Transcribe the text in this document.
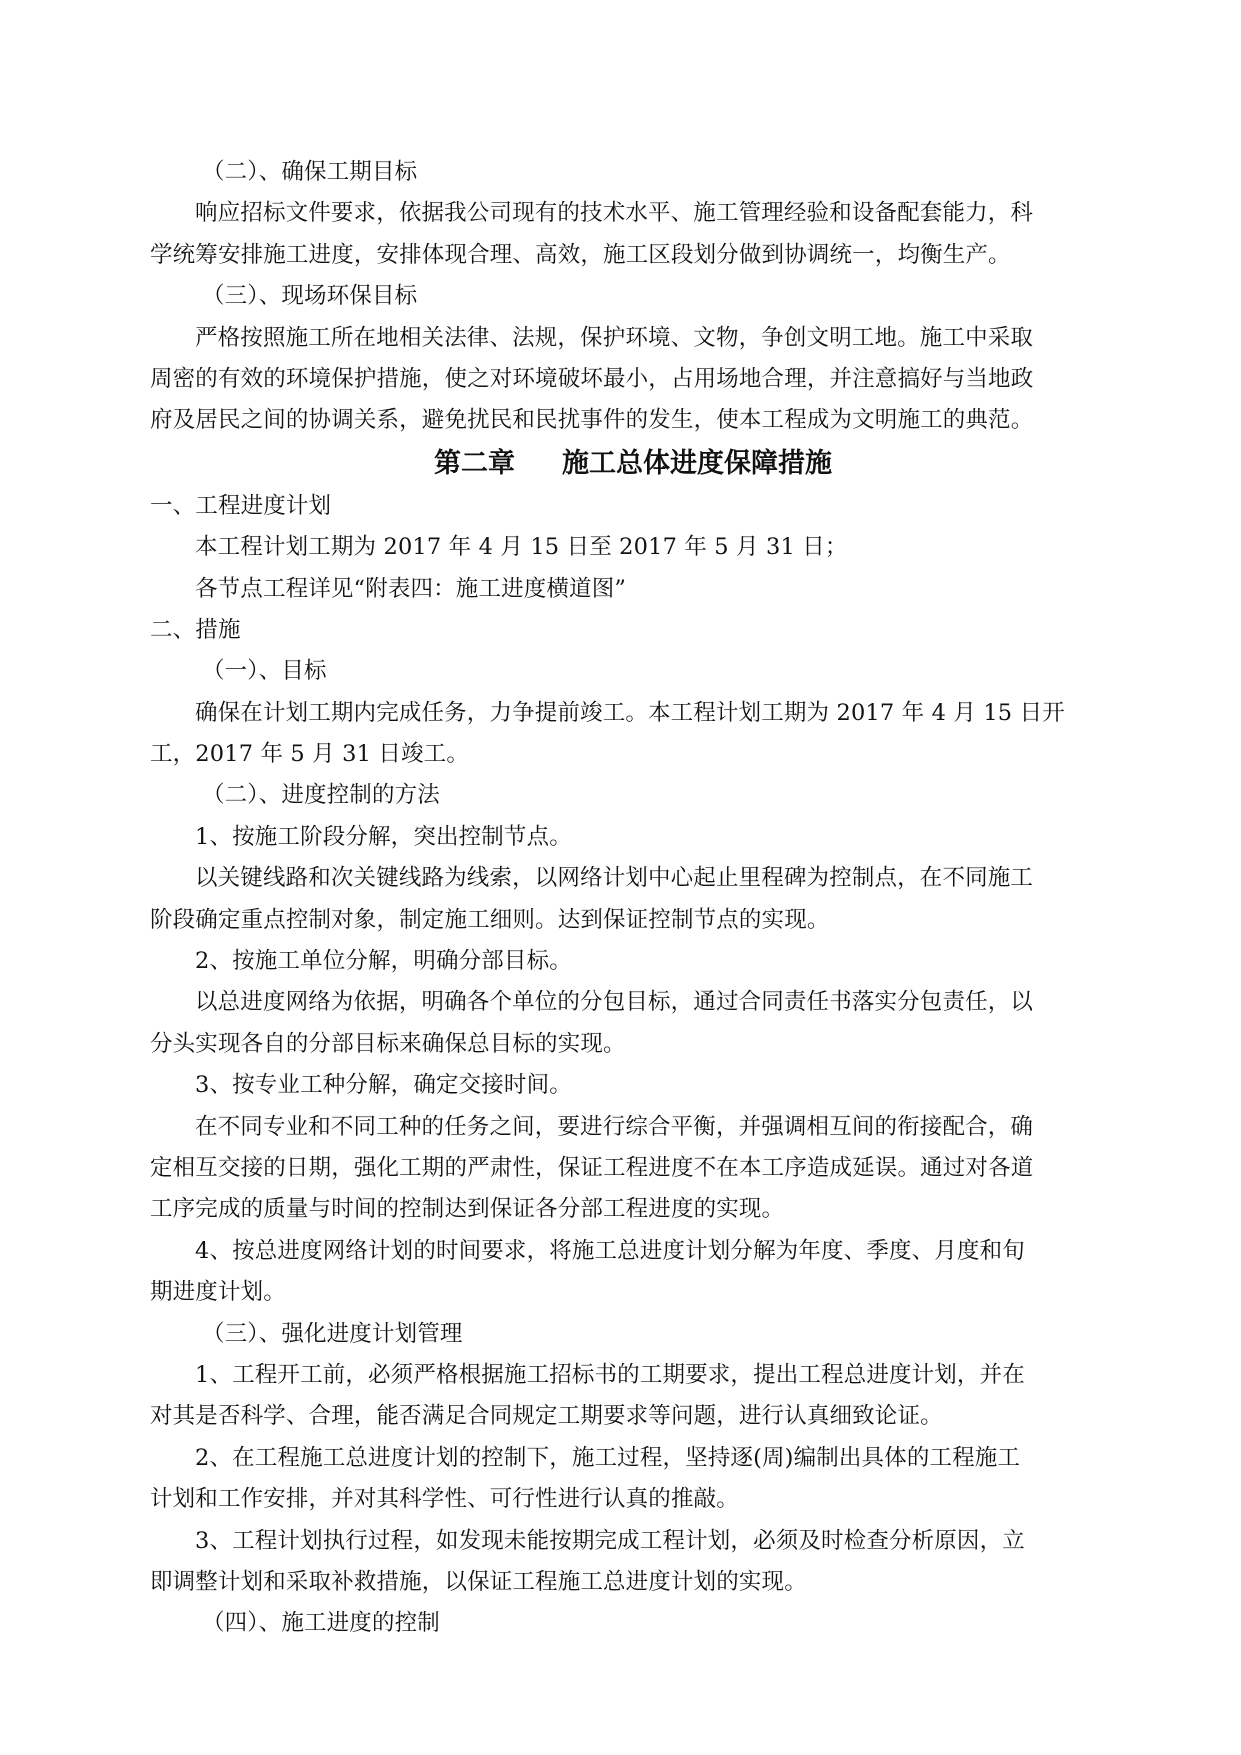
（二）、确保工期目标
响应招标文件要求，依据我公司现有的技术水平、施工管理经验和设备配套能力，科
学统筹安排施工进度，安排体现合理、高效，施工区段划分做到协调统一，均衡生产。
（三）、现场环保目标
严格按照施工所在地相关法律、法规，保护环境、文物，争创文明工地。施工中采取
周密的有效的环境保护措施，使之对环境破坏最小，占用场地合理，并注意搞好与当地政
府及居民之间的协调关系，避免扰民和民扰事件的发生，使本工程成为文明施工的典范。
第二章     施工总体进度保障措施
一、工程进度计划
本工程计划工期为 2017 年 4 月 15 日至 2017 年 5 月 31 日；
各节点工程详见“附表四：施工进度横道图”
二、措施
（一）、目标
确保在计划工期内完成任务，力争提前竣工。本工程计划工期为 2017 年 4 月 15 日开
工，2017 年 5 月 31 日竣工。
（二）、进度控制的方法
1、按施工阶段分解，突出控制节点。
以关键线路和次关键线路为线索，以网络计划中心起止里程碑为控制点，在不同施工
阶段确定重点控制对象，制定施工细则。达到保证控制节点的实现。
2、按施工单位分解，明确分部目标。
以总进度网络为依据，明确各个单位的分包目标，通过合同责任书落实分包责任，以
分头实现各自的分部目标来确保总目标的实现。
3、按专业工种分解，确定交接时间。
在不同专业和不同工种的任务之间，要进行综合平衡，并强调相互间的衔接配合，确
定相互交接的日期，强化工期的严肃性，保证工程进度不在本工序造成延误。通过对各道
工序完成的质量与时间的控制达到保证各分部工程进度的实现。
4、按总进度网络计划的时间要求，将施工总进度计划分解为年度、季度、月度和旬
期进度计划。
（三）、强化进度计划管理
1、工程开工前，必须严格根据施工招标书的工期要求，提出工程总进度计划，并在
对其是否科学、合理，能否满足合同规定工期要求等问题，进行认真细致论证。
2、在工程施工总进度计划的控制下，施工过程，坚持逐(周)编制出具体的工程施工
计划和工作安排，并对其科学性、可行性进行认真的推敲。
3、工程计划执行过程，如发现未能按期完成工程计划，必须及时检查分析原因，立
即调整计划和采取补救措施，以保证工程施工总进度计划的实现。
（四）、施工进度的控制
